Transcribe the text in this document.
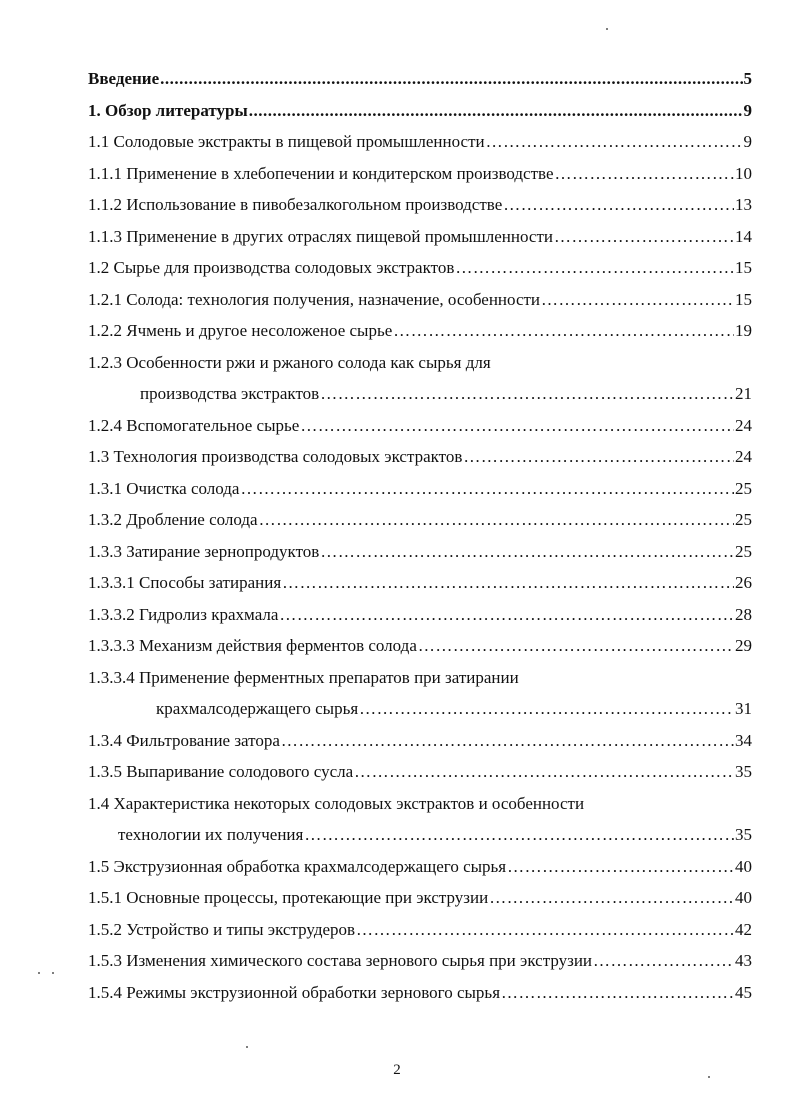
Введение .....	5
1. Обзор литературы .....	9
1.1 Солодовые экстракты в пищевой промышленности ……………………………………………………………………………………………………………………………………………………	9
1.1.1 Применение в хлебопечении и кондитерском производстве ……………………………………………………………………………………………………………………………………………………	10
1.1.2 Использование в пивобезалкогольном производстве ……………………………………………………………………………………………………………………………………………………	13
1.1.3 Применение в других отраслях пищевой промышленности ……………………………………………………………………………………………………………………………………………………	14
1.2 Сырье для производства солодовых экстрактов ……………………………………………………………………………………………………………………………………………………	15
1.2.1 Солода: технология получения, назначение, особенности ……………………………………………………………………………………………………………………………………………………	15
1.2.2 Ячмень и другое несоложеное сырье ……………………………………………………………………………………………………………………………………………………	19
1.2.3 Особенности ржи и ржаного солода как сырья для
производства экстрактов ……………………………………………………………………………………………………………………………………………………	21
1.2.4 Вспомогательное сырье ……………………………………………………………………………………………………………………………………………………	24
1.3 Технология производства солодовых экстрактов ……………………………………………………………………………………………………………………………………………………	24
1.3.1 Очистка солода ……………………………………………………………………………………………………………………………………………………	25
1.3.2 Дробление солода ……………………………………………………………………………………………………………………………………………………	25
1.3.3 Затирание зернопродуктов ……………………………………………………………………………………………………………………………………………………	25
1.3.3.1 Способы затирания ……………………………………………………………………………………………………………………………………………………	26
1.3.3.2 Гидролиз крахмала ……………………………………………………………………………………………………………………………………………………	28
1.3.3.3 Механизм действия ферментов солода ……………………………………………………………………………………………………………………………………………………	29
1.3.3.4 Применение ферментных препаратов при затирании
крахмалсодержащего сырья ……………………………………………………………………………………………………………………………………………………	31
1.3.4 Фильтрование затора ……………………………………………………………………………………………………………………………………………………	34
1.3.5 Выпаривание солодового сусла ……………………………………………………………………………………………………………………………………………………	35
1.4 Характеристика некоторых солодовых экстрактов и особенности
технологии их получения ……………………………………………………………………………………………………………………………………………………	35
1.5 Экструзионная обработка крахмалсодержащего сырья ……………………………………………………………………………………………………………………………………………………	40
1.5.1 Основные процессы, протекающие при экструзии ……………………………………………………………………………………………………………………………………………………	40
1.5.2 Устройство и типы экструдеров ……………………………………………………………………………………………………………………………………………………	42
1.5.3 Изменения химического состава зернового сырья при экструзии ……………………………………………………………………………………………………………………………………………………	43
1.5.4 Режимы экструзионной обработки зернового сырья ……………………………………………………………………………………………………………………………………………………	45
2
